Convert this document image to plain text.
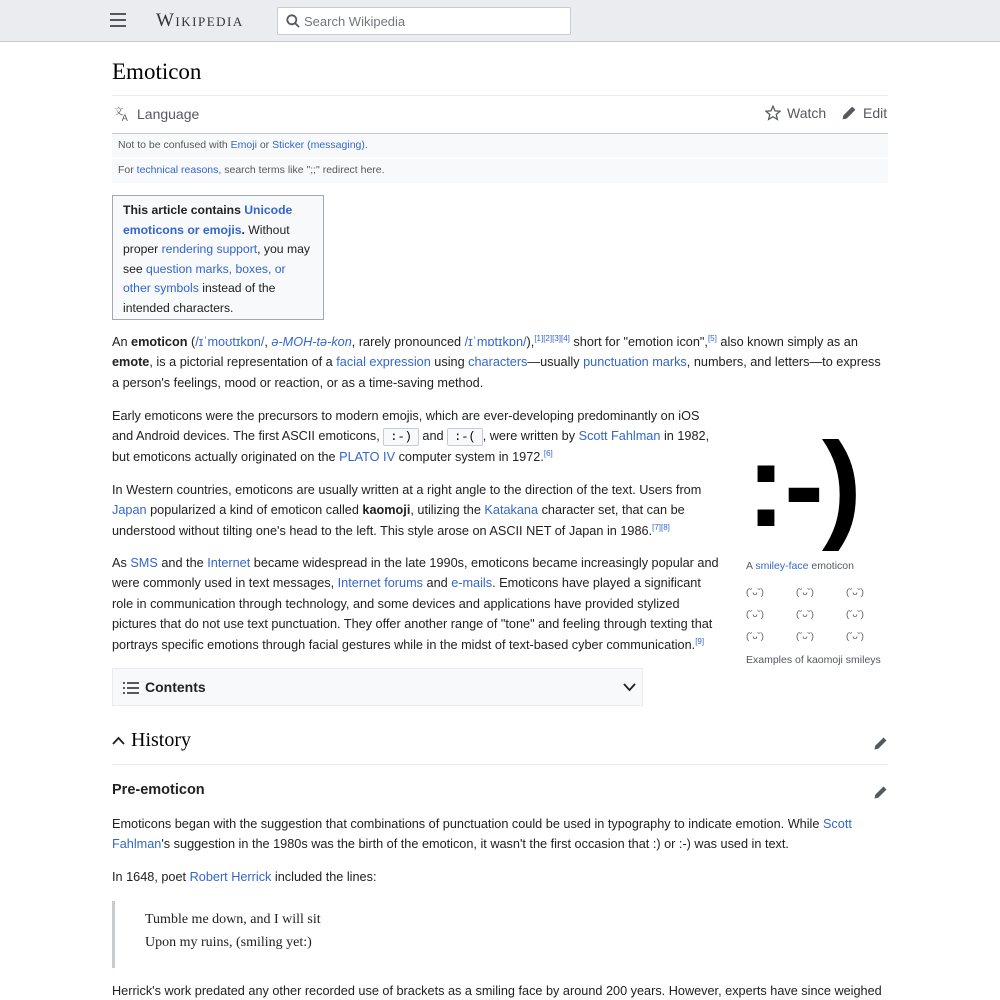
Wikipedia
Search Wikipedia
Emoticon
文
A Language	Watch	Edit
Not to be confused with Emoji or Sticker (messaging).
For technical reasons, search terms like ";;" redirect here.
This article contains Unicode emoticons or emojis. Without proper rendering support, you may see question marks, boxes, or other symbols instead of the intended characters.
An emoticon (/ɪˈmoʊtɪkɒn/, ə-MOH-tə-kon, rarely pronounced /ɪˈmɒtɪkɒn/),[1][2][3][4] short for "emotion icon",[5] also known simply as an emote, is a pictorial representation of a facial expression using characters—usually punctuation marks, numbers, and letters—to express a person's feelings, mood or reaction, or as a time-saving method.
Early emoticons were the precursors to modern emojis, which are ever-developing predominantly on iOS and Android devices. The first ASCII emoticons, :-) and :-( , were written by Scott Fahlman in 1982, but emoticons actually originated on the PLATO IV computer system in 1972.[6]
In Western countries, emoticons are usually written at a right angle to the direction of the text. Users from Japan popularized a kind of emoticon called kaomoji, utilizing the Katakana character set, that can be understood without tilting one's head to the left. This style arose on ASCII NET of Japan in 1986.[7][8]
As SMS and the Internet became widespread in the late 1990s, emoticons became increasingly popular and were commonly used in text messages, Internet forums and e-mails. Emoticons have played a significant role in communication through technology, and some devices and applications have provided stylized pictures that do not use text punctuation. They offer another range of "tone" and feeling through texting that portrays specific emotions through facial gestures while in the midst of text-based cyber communication.[9]
:-)
A smiley-face emoticon
(˘ᴗ˘)	(˘ᴗ˘)	(˘ᴗ˘)
(˘ᴗ˘)	(˘ᴗ˘)	(˘ᴗ˘)
(˘ᴗ˘)	(˘ᴗ˘)	(˘ᴗ˘)
Examples of kaomoji smileys
Contents
History
Pre-emoticon
Emoticons began with the suggestion that combinations of punctuation could be used in typography to indicate emotion. While Scott Fahlman's suggestion in the 1980s was the birth of the emoticon, it wasn't the first occasion that :) or :-) was used in text.
In 1648, poet Robert Herrick included the lines:
Tumble me down, and I will sit
Upon my ruins, (smiling yet:)
Herrick's work predated any other recorded use of brackets as a smiling face by around 200 years. However, experts have since weighed
